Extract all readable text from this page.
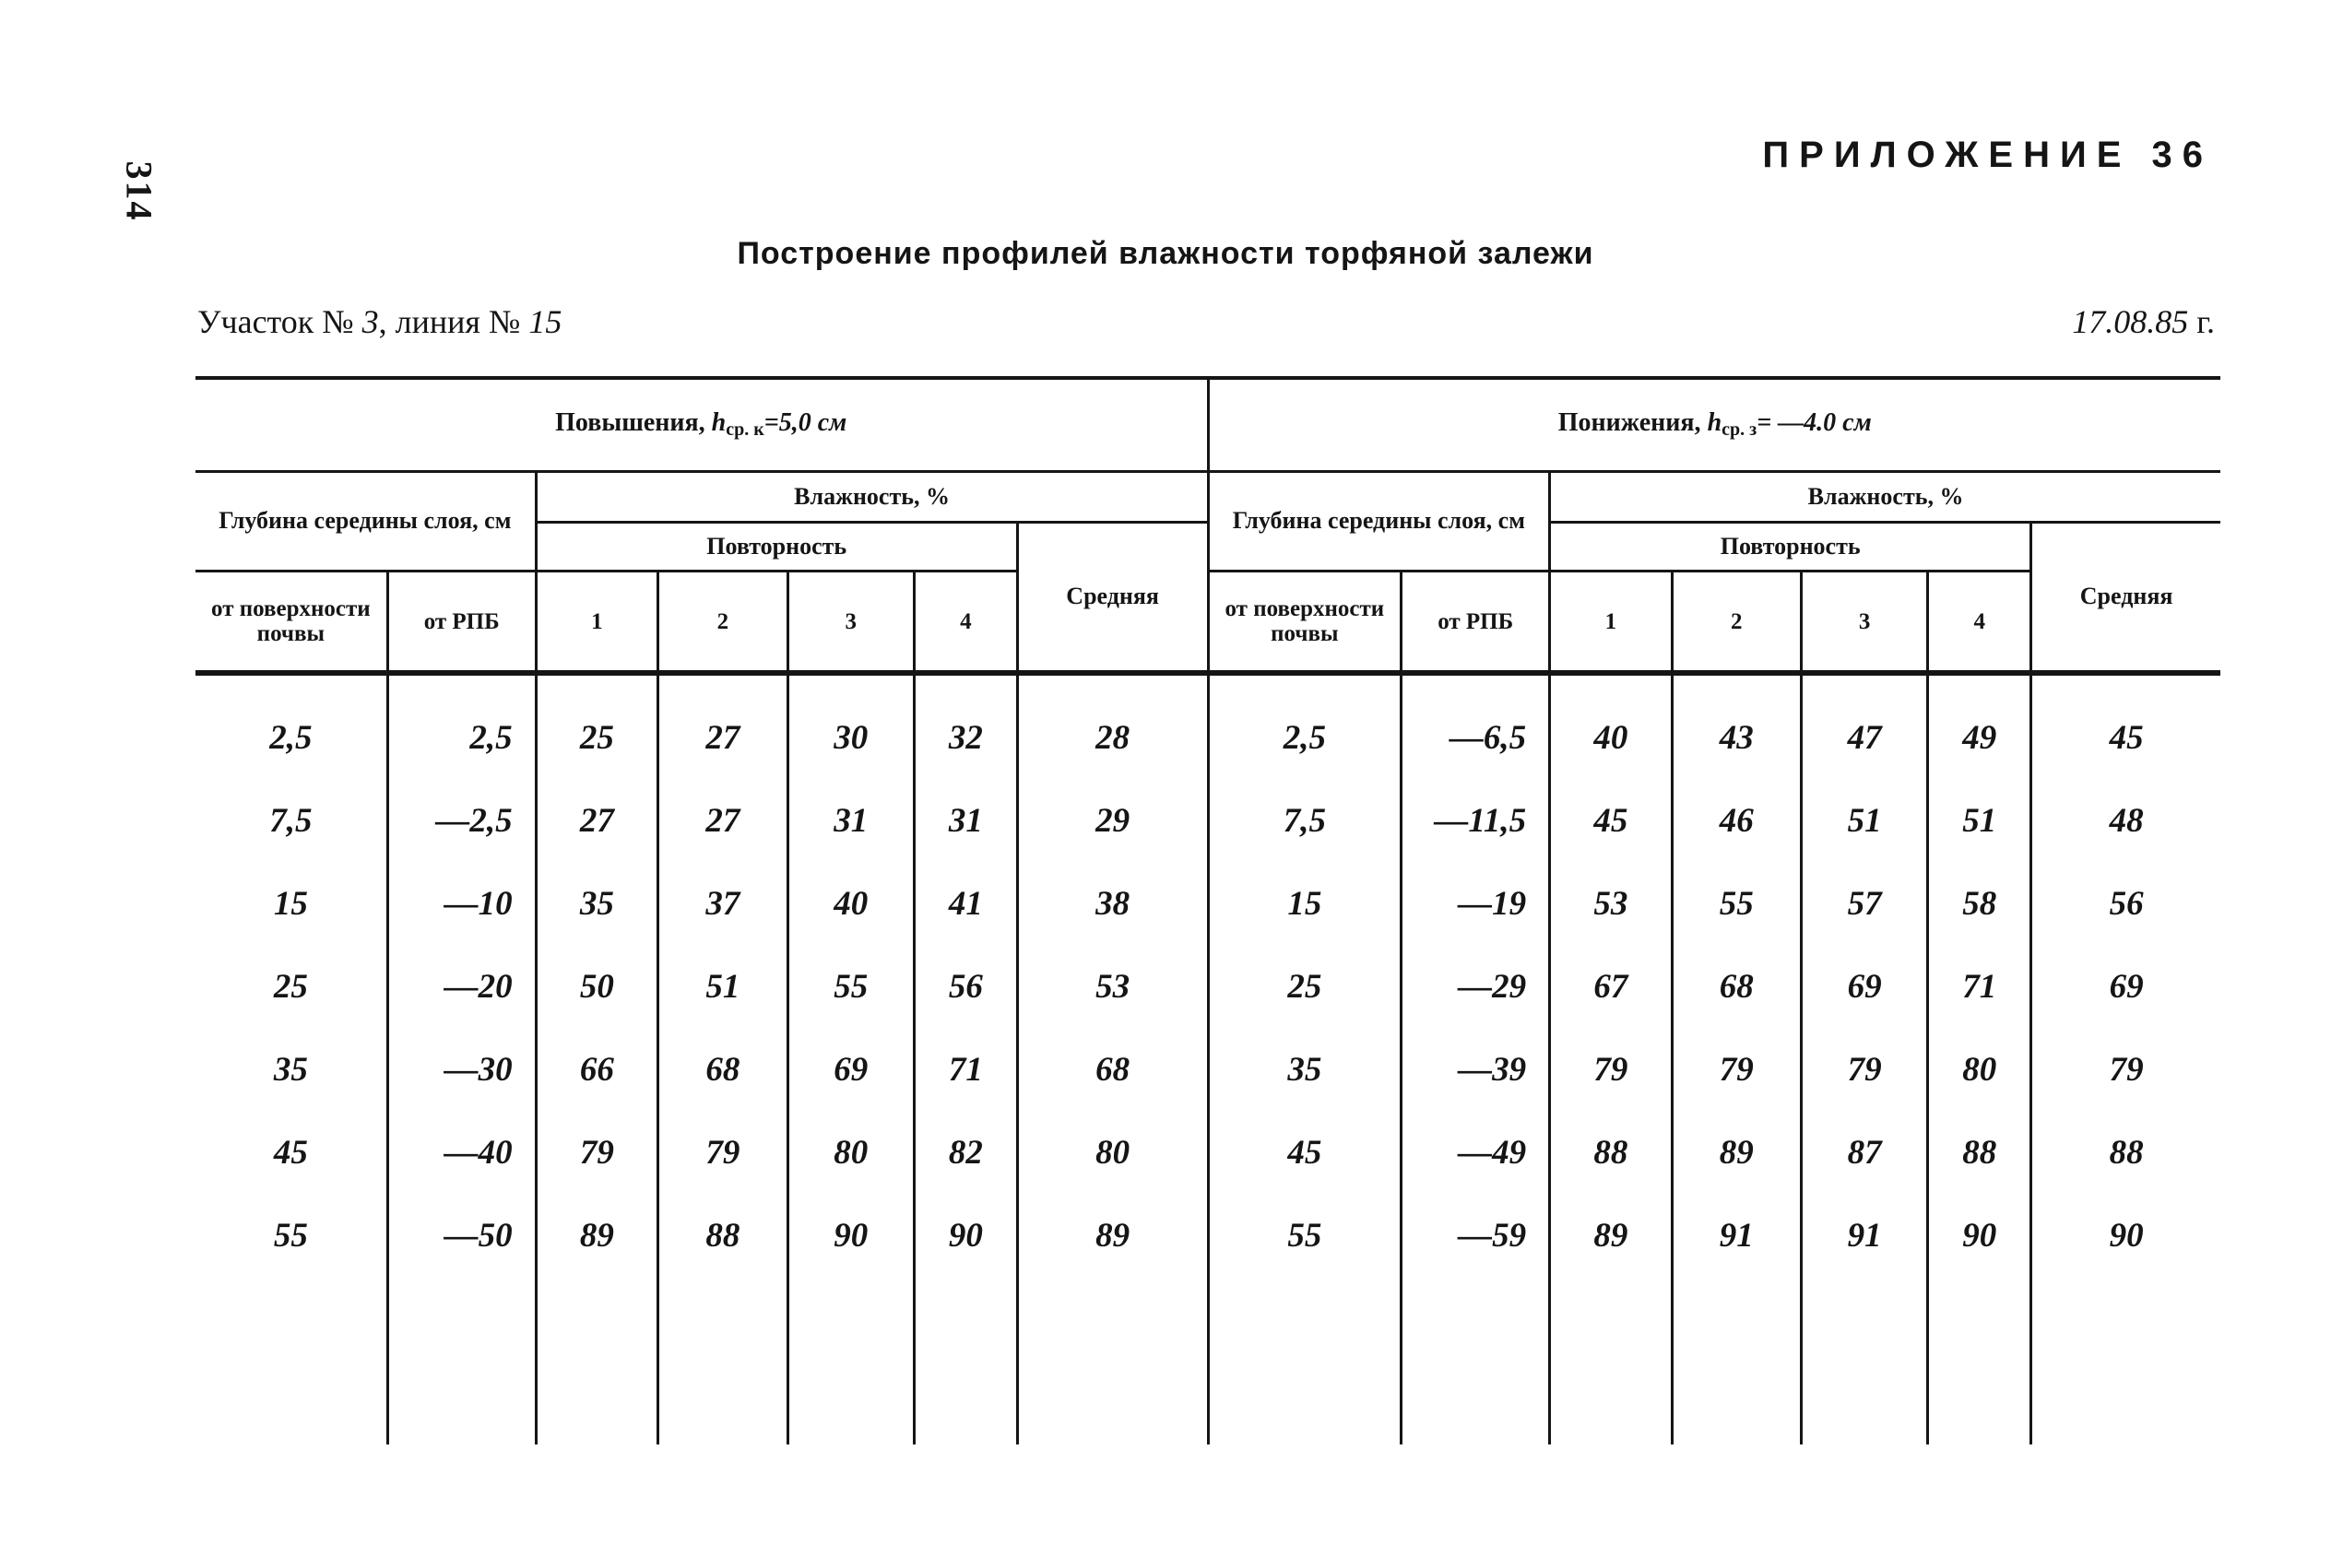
314
ПРИЛОЖЕНИЕ 36
Построение профилей влажности торфяной залежи
Участок № 3, линия № 15	17.08.85 г.
Повышения, $h_{ср. к}=5,0$ см						
Глубина середины слоя, см		Влажность, %				
		Повторность				Средняя
от поверхности почвы	от РПБ	1	2	3	4	
2,5	2,5	25	27	30	32	28
7,5	—2,5	27	27	31	31	29
15	—10	35	37	40	41	38
25	—20	50	51	55	56	53
35	—30	66	68	69	71	68
45	—40	79	79	80	82	80
55	—50	89	88	90	90	89

Понижения, $h_{ср. з}=$ —4.0 см						
Глубина середины слоя, см		Влажность, %				
		Повторность				Средняя
от поверхности почвы	от РПБ	1	2	3	4	
2,5	—6,5	40	43	47	49	45
7,5	—11,5	45	46	51	51	48
15	—19	53	55	57	58	56
25	—29	67	68	69	71	69
35	—39	79	79	79	80	79
45	—49	88	89	87	88	88
55	—59	89	91	91	90	90
